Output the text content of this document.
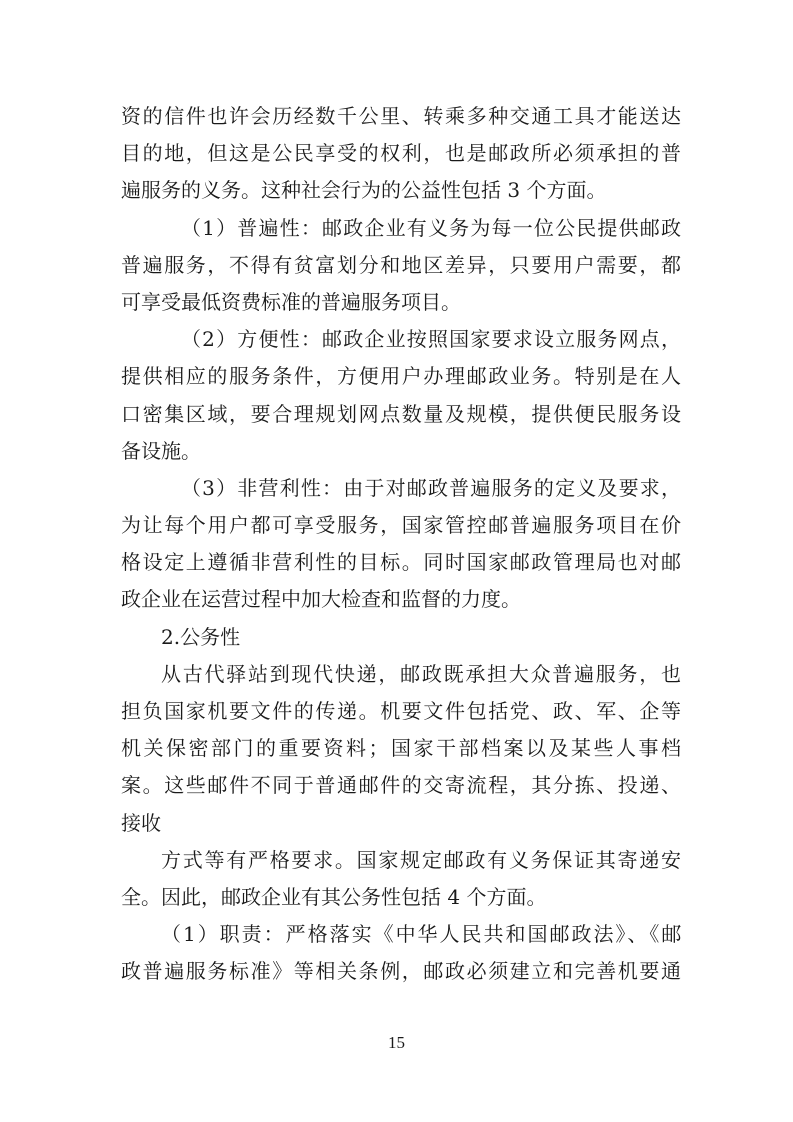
资的信件也许会历经数千公里、转乘多种交通工具才能送达
目的地，但这是公民享受的权利，也是邮政所必须承担的普
遍服务的义务。这种社会行为的公益性包括 3 个方面。
（1）普遍性：邮政企业有义务为每一位公民提供邮政
普遍服务，不得有贫富划分和地区差异，只要用户需要，都
可享受最低资费标准的普遍服务项目。
（2）方便性：邮政企业按照国家要求设立服务网点，
提供相应的服务条件，方便用户办理邮政业务。特别是在人
口密集区域，要合理规划网点数量及规模，提供便民服务设
备设施。
（3）非营利性：由于对邮政普遍服务的定义及要求，
为让每个用户都可享受服务，国家管控邮普遍服务项目在价
格设定上遵循非营利性的目标。同时国家邮政管理局也对邮
政企业在运营过程中加大检查和监督的力度。
2.公务性
从古代驿站到现代快递，邮政既承担大众普遍服务，也
担负国家机要文件的传递。机要文件包括党、政、军、企等
机关保密部门的重要资料；国家干部档案以及某些人事档
案。这些邮件不同于普通邮件的交寄流程，其分拣、投递、
接收
方式等有严格要求。国家规定邮政有义务保证其寄递安
全。因此，邮政企业有其公务性包括 4 个方面。
（1）职责：严格落实《中华人民共和国邮政法》、《邮
政普遍服务标准》等相关条例，邮政必须建立和完善机要通
15
